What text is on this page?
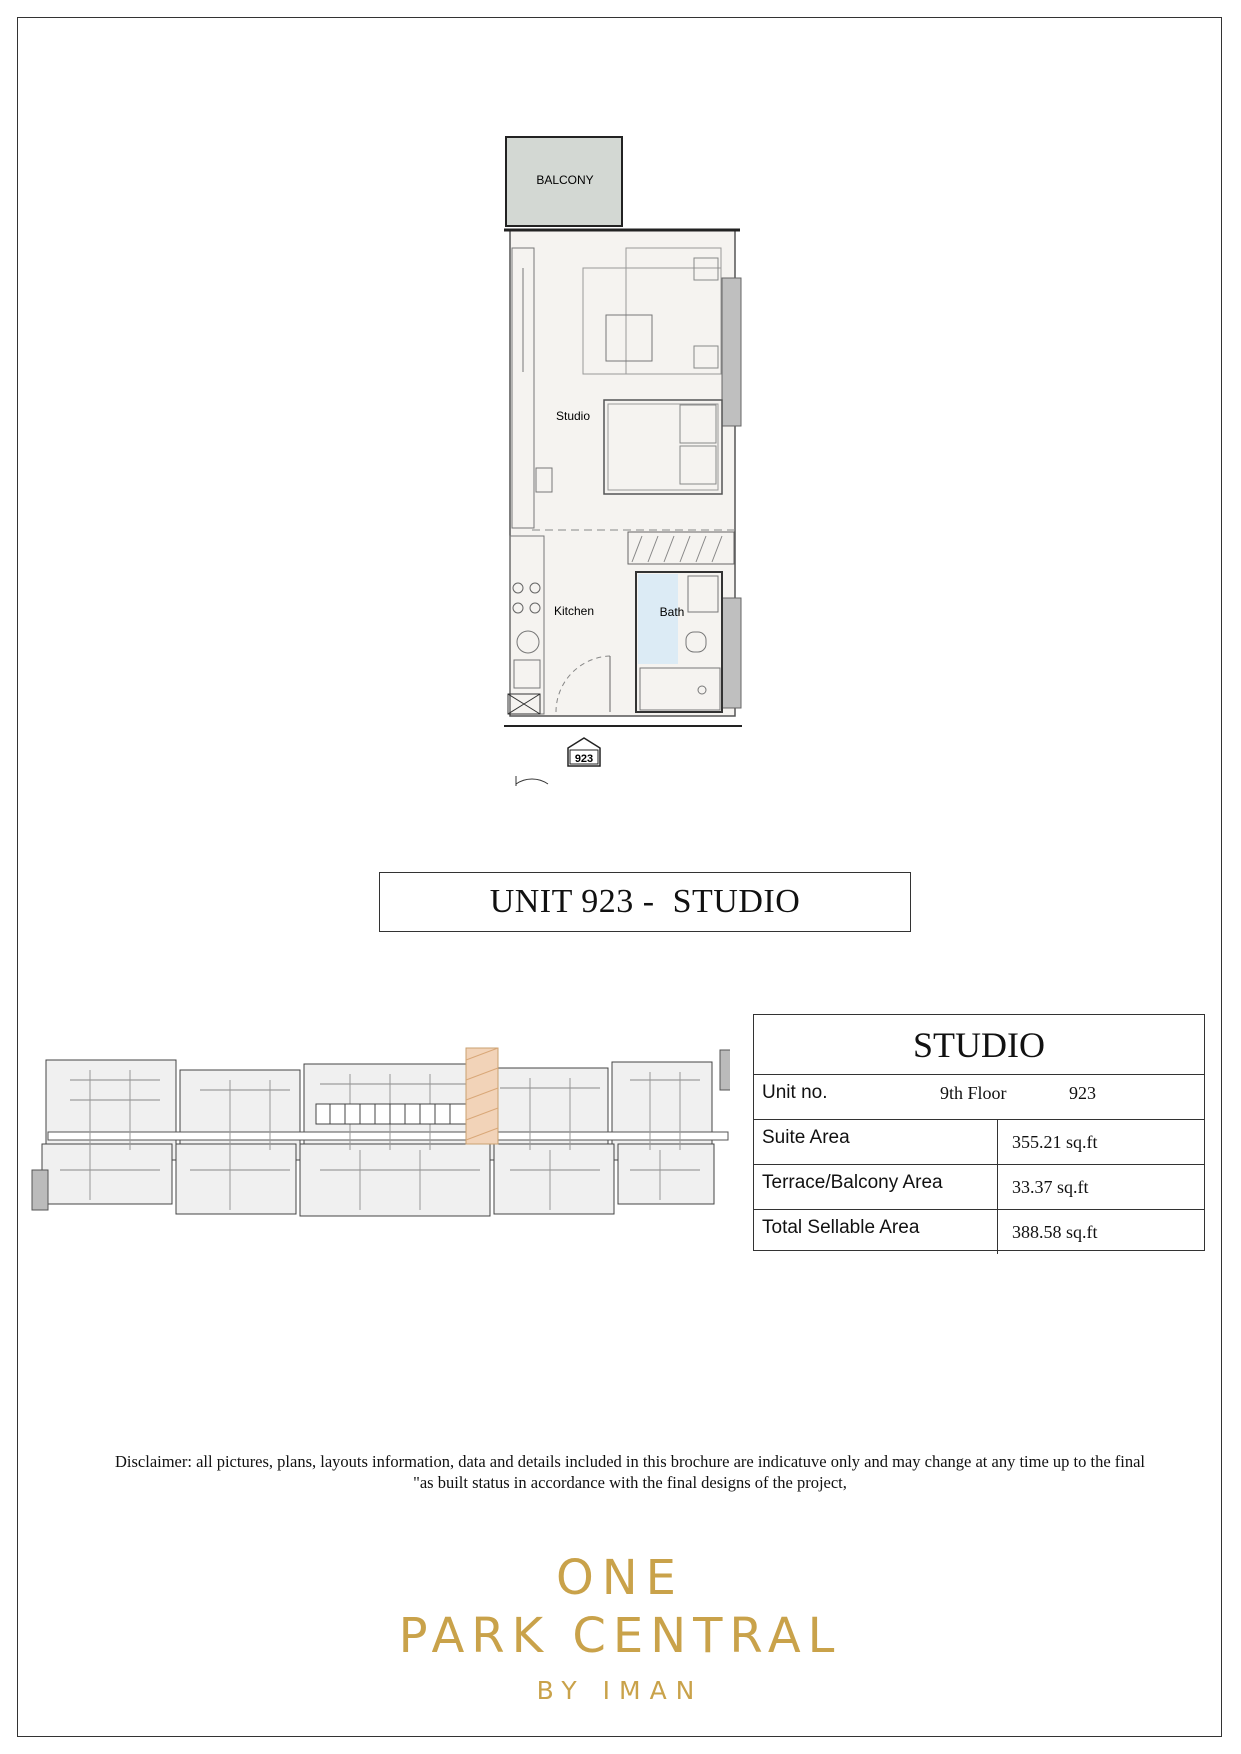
BALCONY
Studio
Kitchen	Bath
923
UNIT 923 -  STUDIO
STUDIO
Unit no.	9th Floor	923
Suite Area	355.21 sq.ft
Terrace/Balcony Area	33.37 sq.ft
Total Sellable Area	388.58 sq.ft
Disclaimer: all pictures, plans, layouts information, data and details included in this brochure are indicatuve only and may change at any time up to the final
"as built status in accordance with the final designs of the project,
ONE
PARK CENTRAL
BY IMAN
